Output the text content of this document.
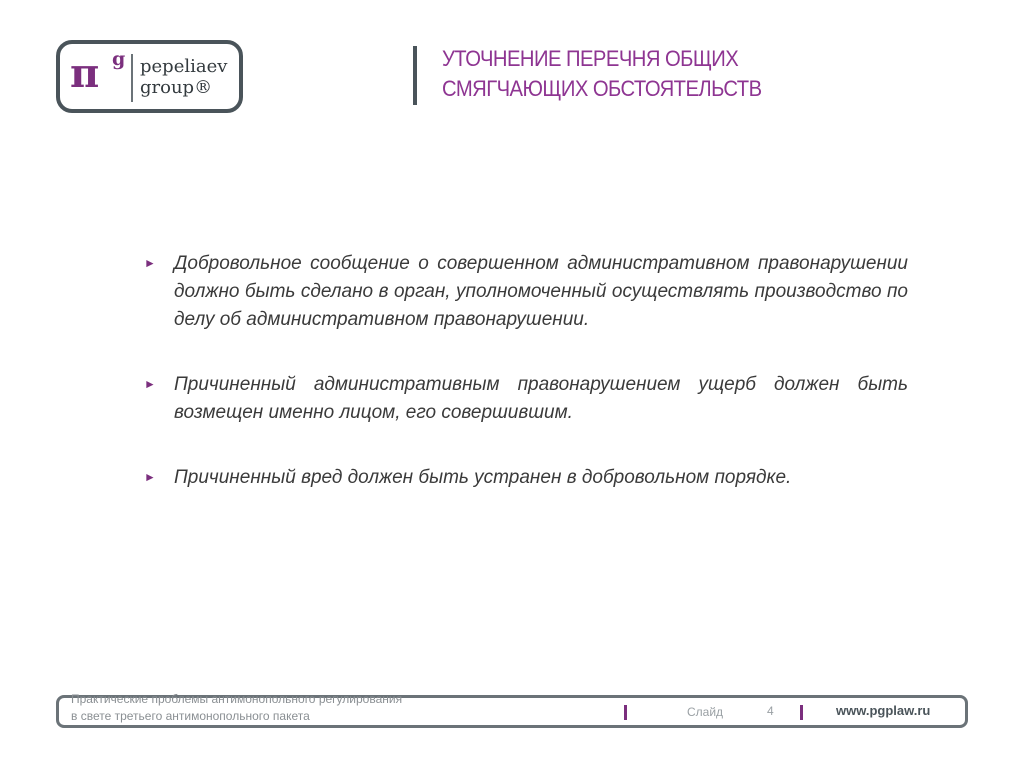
π g pepeliaev
group®
УТОЧНЕНИЕ ПЕРЕЧНЯ ОБЩИХ
СМЯГЧАЮЩИХ ОБСТОЯТЕЛЬСТВ
► Добровольное сообщение о совершенном административном правонарушении должно быть сделано в орган, уполномоченный осуществлять производство по делу об административном правонарушении.
► Причиненный административным правонарушением ущерб должен быть возмещен именно лицом, его совершившим.
► Причиненный вред должен быть устранен в добровольном порядке.
Практические проблемы антимонопольного регулирования
в свете третьего антимонопольного пакета	Слайд	4	www.pgplaw.ru
